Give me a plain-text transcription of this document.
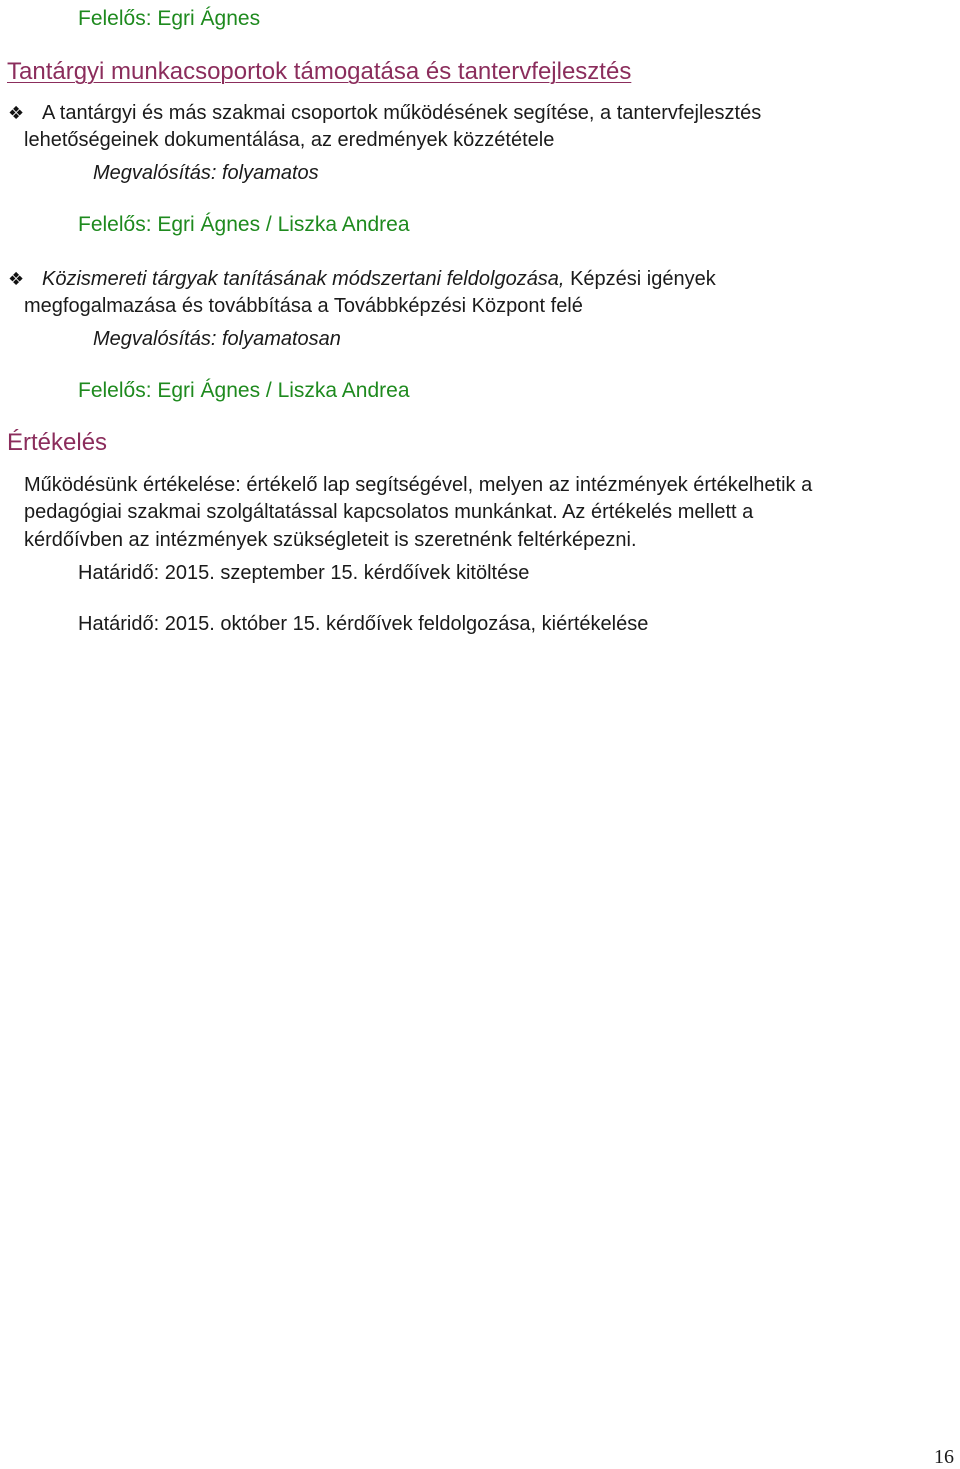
Felelős: Egri Ágnes
Tantárgyi munkacsoportok támogatása és tantervfejlesztés
❖ A tantárgyi és más szakmai csoportok működésének segítése, a tantervfejlesztés
lehetőségeinek dokumentálása, az eredmények közzététele
Megvalósítás: folyamatos
Felelős: Egri Ágnes / Liszka Andrea
❖ Közismereti tárgyak tanításának módszertani feldolgozása, Képzési igények
megfogalmazása és továbbítása a Továbbképzési Központ felé
Megvalósítás: folyamatosan
Felelős: Egri Ágnes / Liszka Andrea
Értékelés
Működésünk értékelése: értékelő lap segítségével, melyen az intézmények értékelhetik a
pedagógiai szakmai szolgáltatással kapcsolatos munkánkat. Az értékelés mellett a
kérdőívben az intézmények szükségleteit is szeretnénk feltérképezni.
Határidő: 2015. szeptember 15. kérdőívek kitöltése
Határidő: 2015. október 15. kérdőívek feldolgozása, kiértékelése
16
